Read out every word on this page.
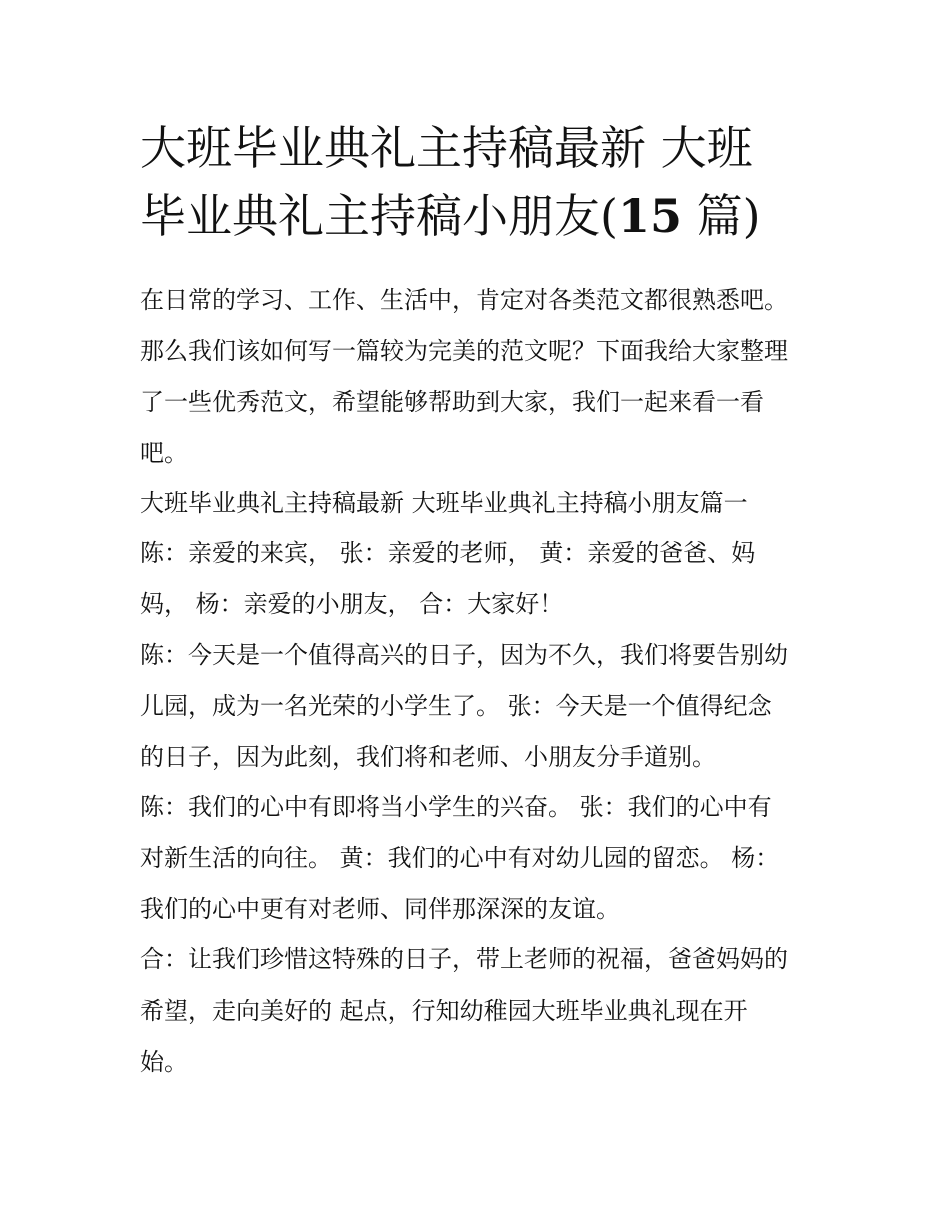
大班毕业典礼主持稿最新 大班
毕业典礼主持稿小朋友(15 篇)

在日常的学习、工作、生活中，肯定对各类范文都很熟悉吧。

那么我们该如何写一篇较为完美的范文呢？下面我给大家整理

了一些优秀范文，希望能够帮助到大家，我们一起来看一看

吧。

大班毕业典礼主持稿最新 大班毕业典礼主持稿小朋友篇一

陈：亲爱的来宾， 张：亲爱的老师， 黄：亲爱的爸爸、妈

妈， 杨：亲爱的小朋友， 合：大家好！

陈：今天是一个值得高兴的日子，因为不久，我们将要告别幼

儿园，成为一名光荣的小学生了。 张：今天是一个值得纪念

的日子，因为此刻，我们将和老师、小朋友分手道别。

陈：我们的心中有即将当小学生的兴奋。 张：我们的心中有

对新生活的向往。 黄：我们的心中有对幼儿园的留恋。 杨：

我们的心中更有对老师、同伴那深深的友谊。

合：让我们珍惜这特殊的日子，带上老师的祝福，爸爸妈妈的

希望，走向美好的 起点，行知幼稚园大班毕业典礼现在开

始。
